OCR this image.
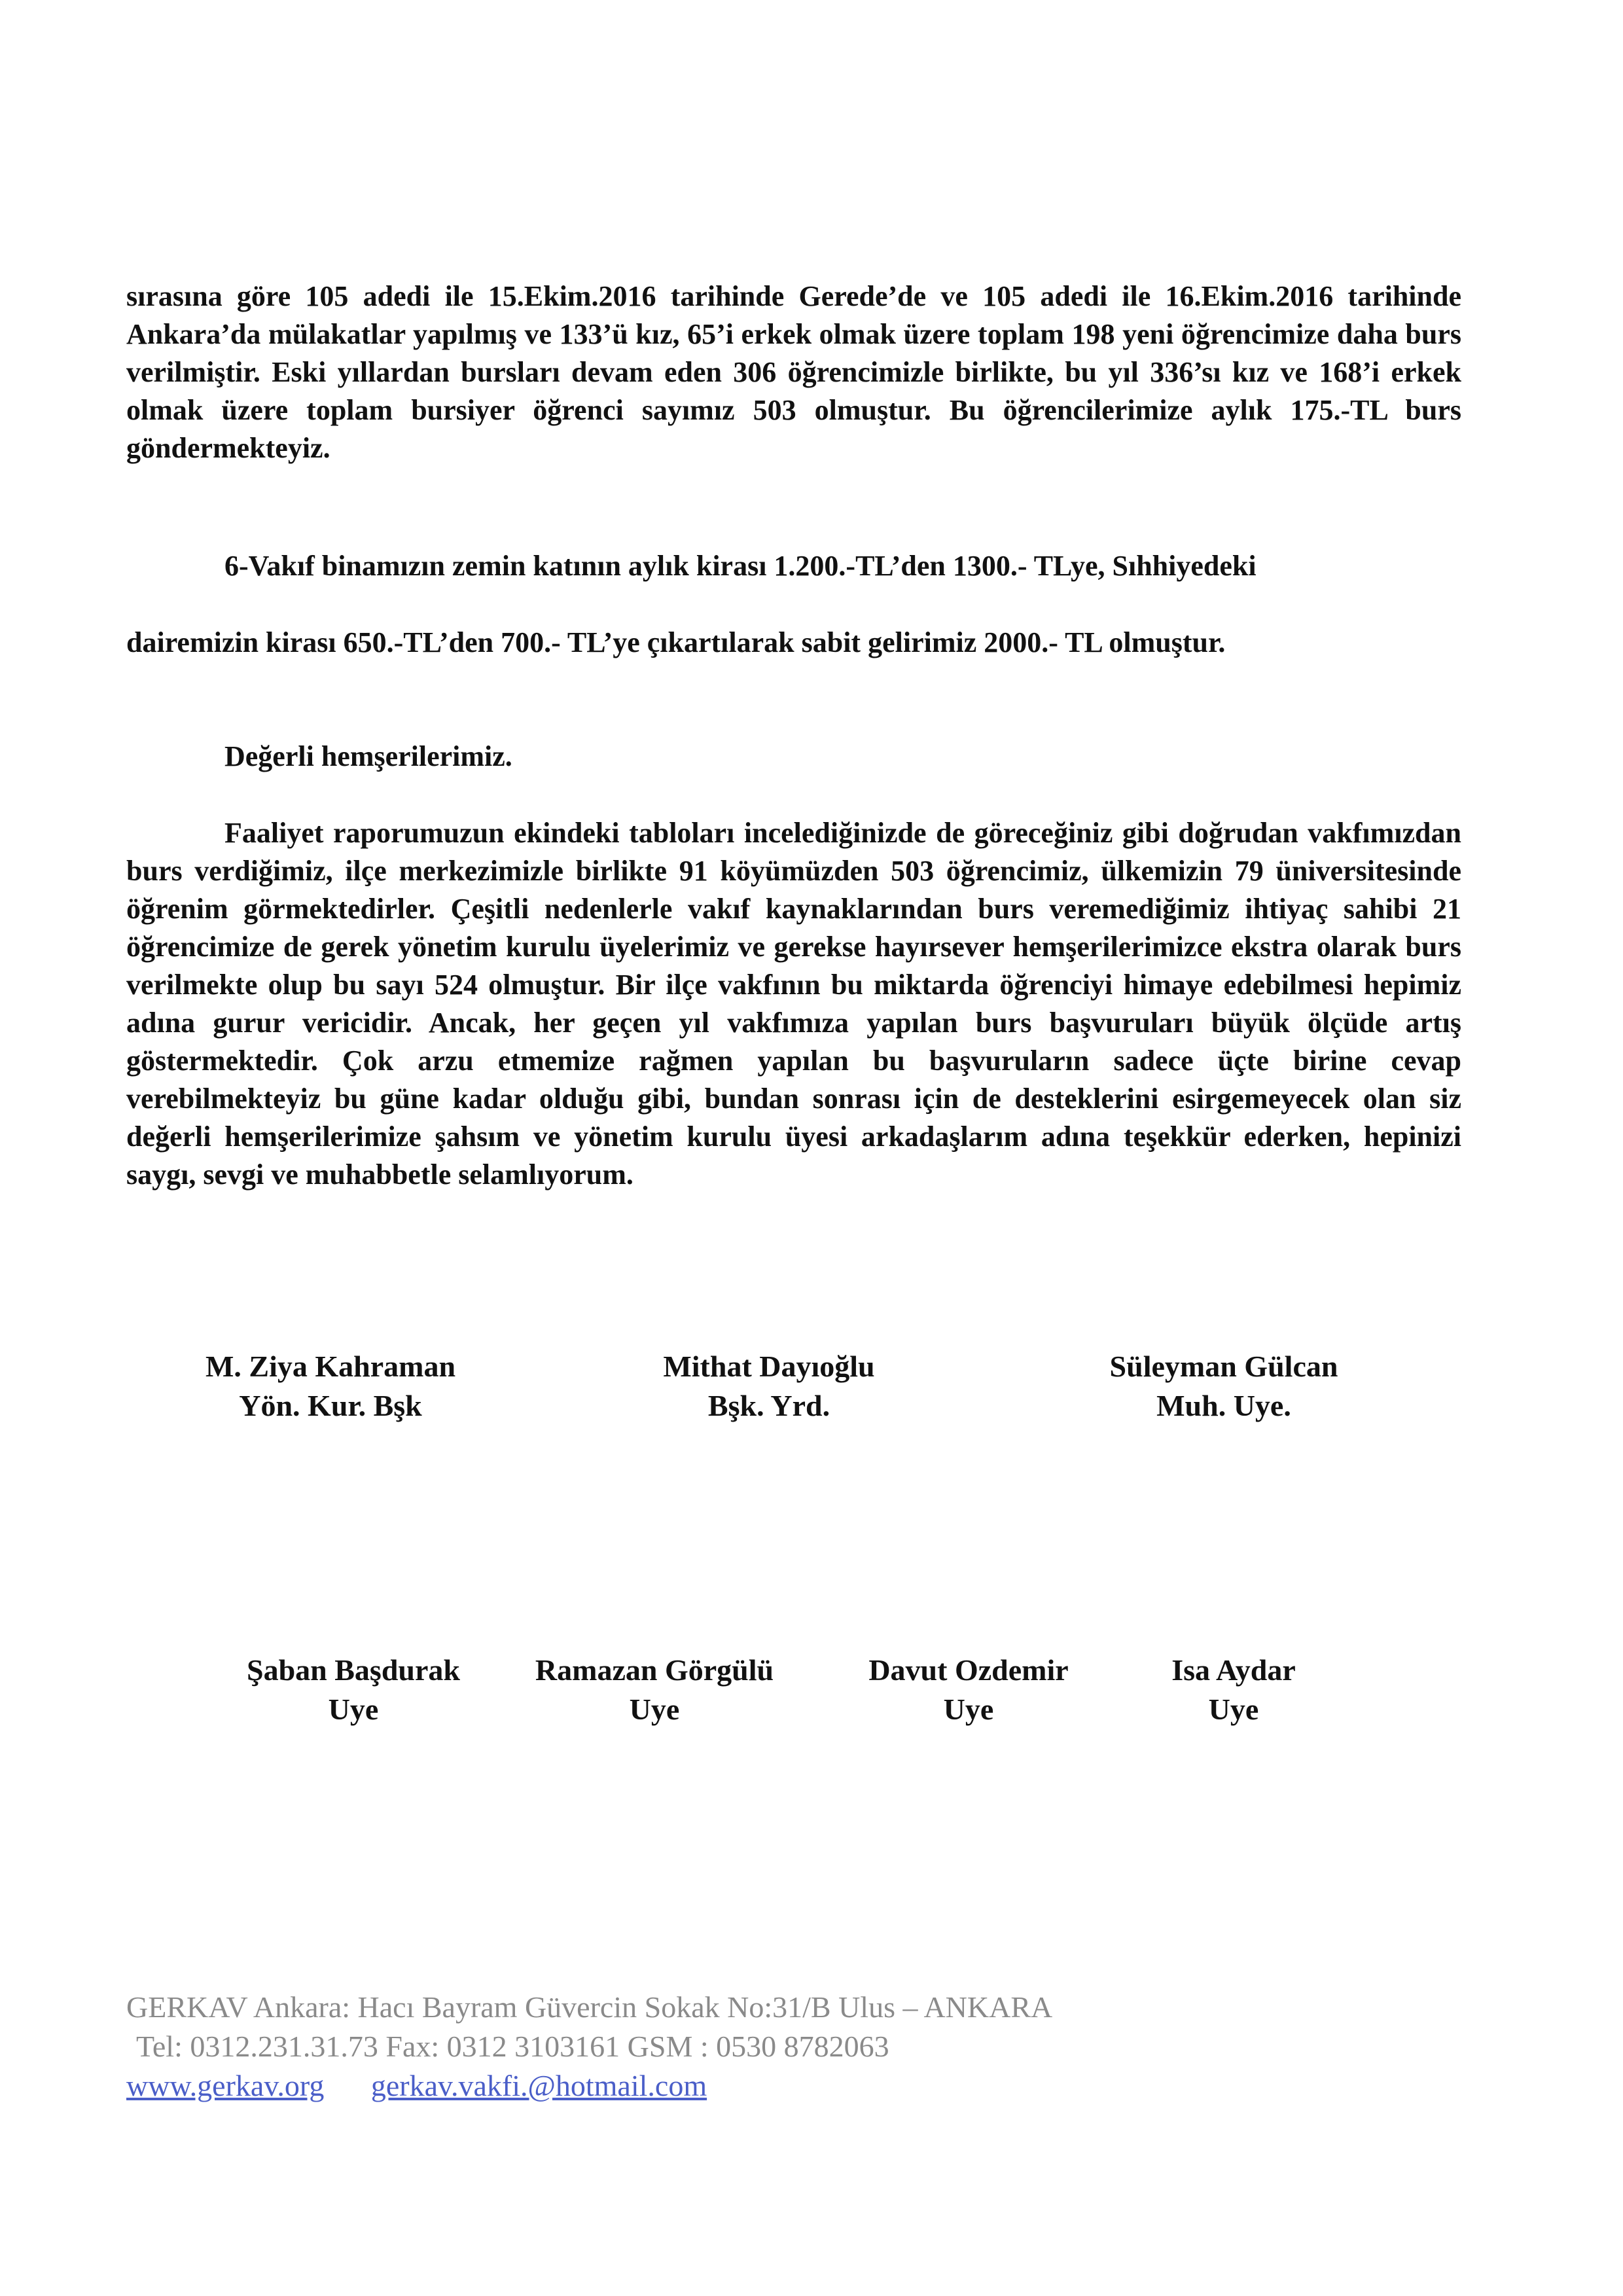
sırasına göre 105 adedi ile 15.Ekim.2016 tarihinde Gerede’de ve 105 adedi ile 16.Ekim.2016 tarihinde Ankara’da mülakatlar yapılmış ve 133’ü kız, 65’i erkek olmak üzere toplam 198 yeni öğrencimize daha burs verilmiştir. Eski yıllardan bursları devam eden 306 öğrencimizle birlikte, bu yıl 336’sı kız ve 168’i erkek olmak üzere toplam bursiyer öğrenci sayımız 503 olmuştur. Bu öğrencilerimize aylık 175.-TL burs göndermekteyiz.

6-Vakıf binamızın zemin katının aylık kirası 1.200.-TL’den 1300.- TLye, Sıhhiyedeki

dairemizin kirası 650.-TL’den 700.- TL’ye çıkartılarak sabit gelirimiz 2000.- TL olmuştur.

Değerli hemşerilerimiz.

Faaliyet raporumuzun ekindeki tabloları incelediğinizde de göreceğiniz gibi doğrudan vakfımızdan burs verdiğimiz, ilçe merkezimizle birlikte 91 köyümüzden 503 öğrencimiz, ülkemizin 79 üniversitesinde öğrenim görmektedirler. Çeşitli nedenlerle vakıf kaynaklarından burs veremediğimiz ihtiyaç sahibi 21 öğrencimize de gerek yönetim kurulu üyelerimiz ve gerekse hayırsever hemşerilerimizce ekstra olarak burs verilmekte olup bu sayı 524 olmuştur. Bir ilçe vakfının bu miktarda öğrenciyi himaye edebilmesi hepimiz adına gurur vericidir. Ancak, her geçen yıl vakfımıza yapılan burs başvuruları büyük ölçüde artış göstermektedir. Çok arzu etmemize rağmen yapılan bu başvuruların sadece üçte birine cevap verebilmekteyiz bu güne kadar olduğu gibi, bundan sonrası için de desteklerini esirgemeyecek olan siz değerli hemşerilerimize şahsım ve yönetim kurulu üyesi arkadaşlarım adına teşekkür ederken, hepinizi saygı, sevgi ve muhabbetle selamlıyorum.

M. Ziya Kahraman
Yön. Kur. Bşk
Mithat Dayıoğlu
Bşk. Yrd.
Süleyman Gülcan
Muh. Uye.
Şaban Başdurak
Uye
Ramazan Görgülü
Uye
Davut Ozdemir
Uye
Isa Aydar
Uye
GERKAV Ankara: Hacı Bayram Güvercin Sokak No:31/B Ulus – ANKARA
Tel: 0312.231.31.73 Fax: 0312 3103161 GSM : 0530 8782063
www.gerkav.org gerkav.vakfi.@hotmail.com
